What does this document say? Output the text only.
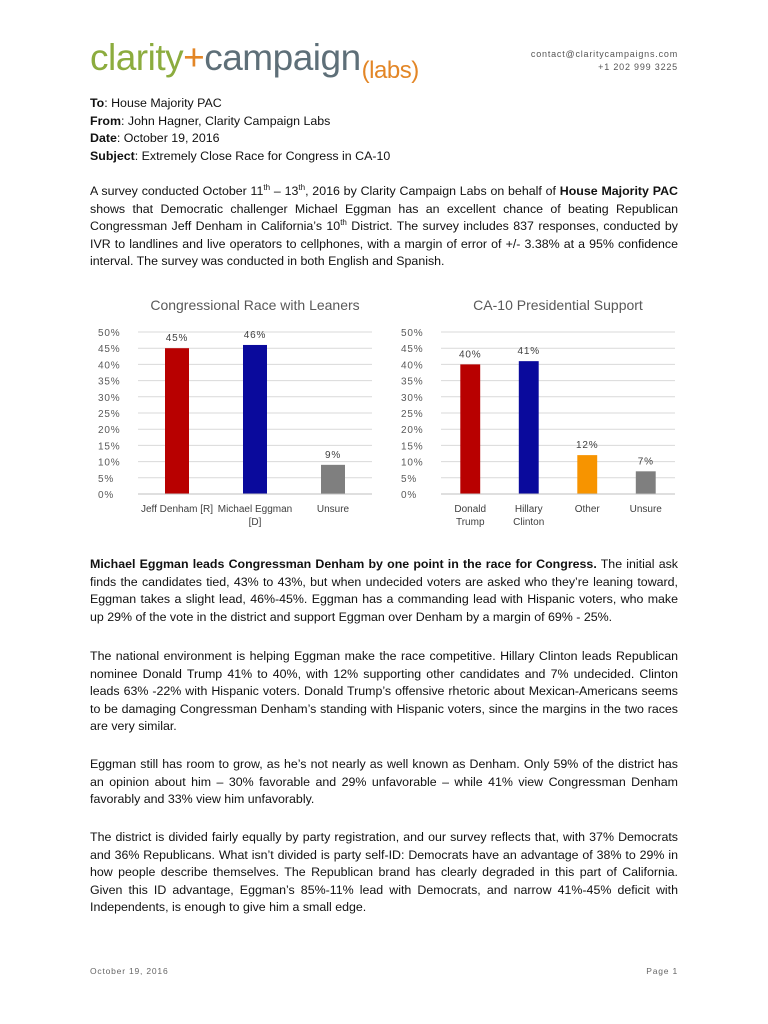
clarity+campaign$_{(labs)}$
contact@claritycampaigns.com
+1 202 999 3225
To: House Majority PAC
From: John Hagner, Clarity Campaign Labs
Date: October 19, 2016
Subject: Extremely Close Race for Congress in CA-10
A survey conducted October 11th – 13th, 2016 by Clarity Campaign Labs on behalf of House Majority PAC shows that Democratic challenger Michael Eggman has an excellent chance of beating Republican Congressman Jeff Denham in California’s 10th District. The survey includes 837 responses, conducted by IVR to landlines and live operators to cellphones, with a margin of error of +/- 3.38% at a 95% confidence interval. The survey was conducted in both English and Spanish.
Congressional Race with Leaners
0%
5%
10%
15%
20%
25%
30%
35%
40%
45%
50%	45%
Jeff Denham [R]
46%
Michael Eggman [D]
9%
Unsure
CA-10 Presidential Support
0%
5%
10%
15%
20%
25%
30%
35%
40%
45%
50%
40%
Donald Trump
41%
Hillary Clinton
12%
Other
7%
Unsure
Michael Eggman leads Congressman Denham by one point in the race for Congress. The initial ask finds the candidates tied, 43% to 43%, but when undecided voters are asked who they’re leaning toward, Eggman takes a slight lead, 46%-45%. Eggman has a commanding lead with Hispanic voters, who make up 29% of the vote in the district and support Eggman over Denham by a margin of 69% - 25%.
The national environment is helping Eggman make the race competitive. Hillary Clinton leads Republican nominee Donald Trump 41% to 40%, with 12% supporting other candidates and 7% undecided. Clinton leads 63% -22% with Hispanic voters. Donald Trump’s offensive rhetoric about Mexican-Americans seems to be damaging Congressman Denham’s standing with Hispanic voters, since the margins in the two races are very similar.
Eggman still has room to grow, as he’s not nearly as well known as Denham. Only 59% of the district has an opinion about him – 30% favorable and 29% unfavorable – while 41% view Congressman Denham favorably and 33% view him unfavorably.
The district is divided fairly equally by party registration, and our survey reflects that, with 37% Democrats and 36% Republicans. What isn’t divided is party self-ID: Democrats have an advantage of 38% to 29% in how people describe themselves. The Republican brand has clearly degraded in this part of California. Given this ID advantage, Eggman’s 85%-11% lead with Democrats, and narrow 41%-45% deficit with Independents, is enough to give him a small edge.
October 19, 2016	Page 1
